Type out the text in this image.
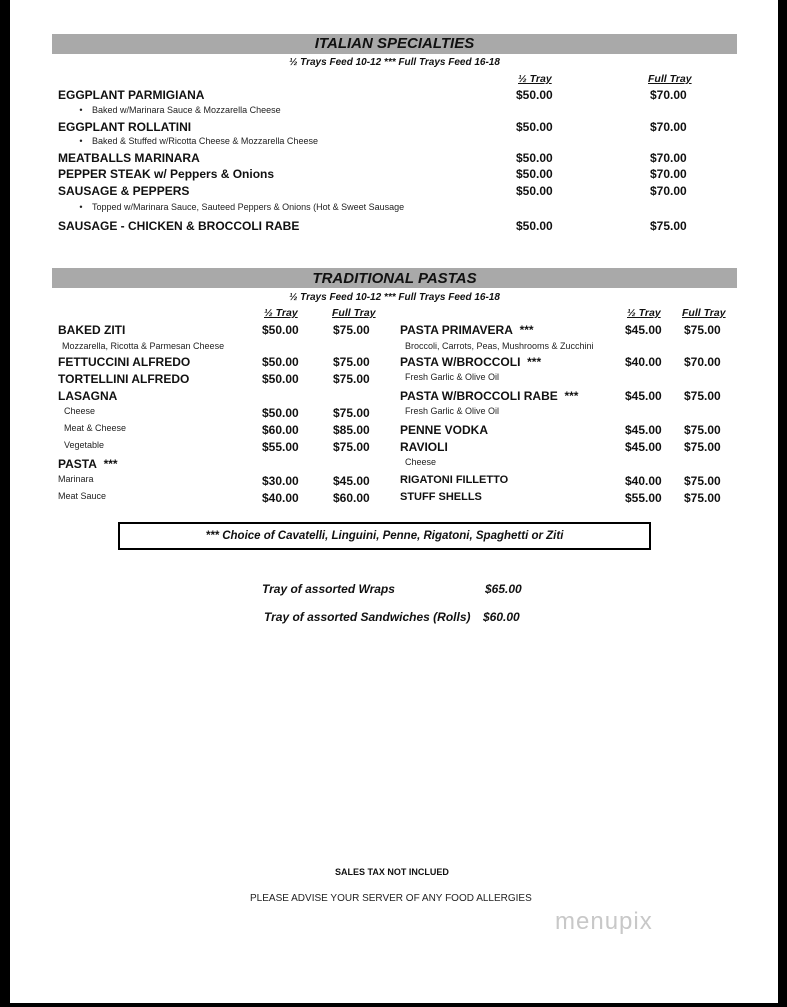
ITALIAN SPECIALTIES
½ Trays Feed 10-12 *** Full Trays Feed 16-18
½ Tray	Full Tray
EGGPLANT PARMIGIANA	$50.00	$70.00
• Baked w/Marinara Sauce & Mozzarella Cheese
EGGPLANT ROLLATINI	$50.00	$70.00
• Baked & Stuffed w/Ricotta Cheese & Mozzarella Cheese
MEATBALLS MARINARA	$50.00	$70.00
PEPPER STEAK w/ Peppers & Onions	$50.00	$70.00
SAUSAGE & PEPPERS	$50.00	$70.00
• Topped w/Marinara Sauce, Sauteed Peppers & Onions (Hot & Sweet Sausage
SAUSAGE - CHICKEN & BROCCOLI RABE	$50.00	$75.00
TRADITIONAL PASTAS
½ Trays Feed 10-12 *** Full Trays Feed 16-18
½ Tray	Full Tray	½ Tray Full Tray
BAKED ZITI	$50.00	$75.00
Mozzarella, Ricotta & Parmesan Cheese
FETTUCCINI ALFREDO	$50.00	$75.00
TORTELLINI ALFREDO	$50.00	$75.00
LASAGNA
Cheese	$50.00	$75.00
Meat & Cheese	$60.00	$85.00
Vegetable	$55.00	$75.00
PASTA ***
Marinara	$30.00	$45.00
Meat Sauce	$40.00	$60.00
PASTA PRIMAVERA ***	$45.00 $75.00
Broccoli, Carrots, Peas, Mushrooms & Zucchini
PASTA W/BROCCOLI ***	$40.00 $70.00
Fresh Garlic & Olive Oil
PASTA W/BROCCOLI RABE ***	$45.00 $75.00
Fresh Garlic & Olive Oil
PENNE VODKA	$45.00 $75.00
RAVIOLI	$45.00 $75.00
Cheese
RIGATONI FILLETTO	$40.00 $75.00
STUFF SHELLS	$55.00 $75.00
*** Choice of Cavatelli, Linguini, Penne, Rigatoni, Spaghetti or Ziti
Tray of assorted Wraps	$65.00
Tray of assorted Sandwiches (Rolls) $60.00
SALES TAX NOT INCLUED
PLEASE ADVISE YOUR SERVER OF ANY FOOD ALLERGIES
menupix
